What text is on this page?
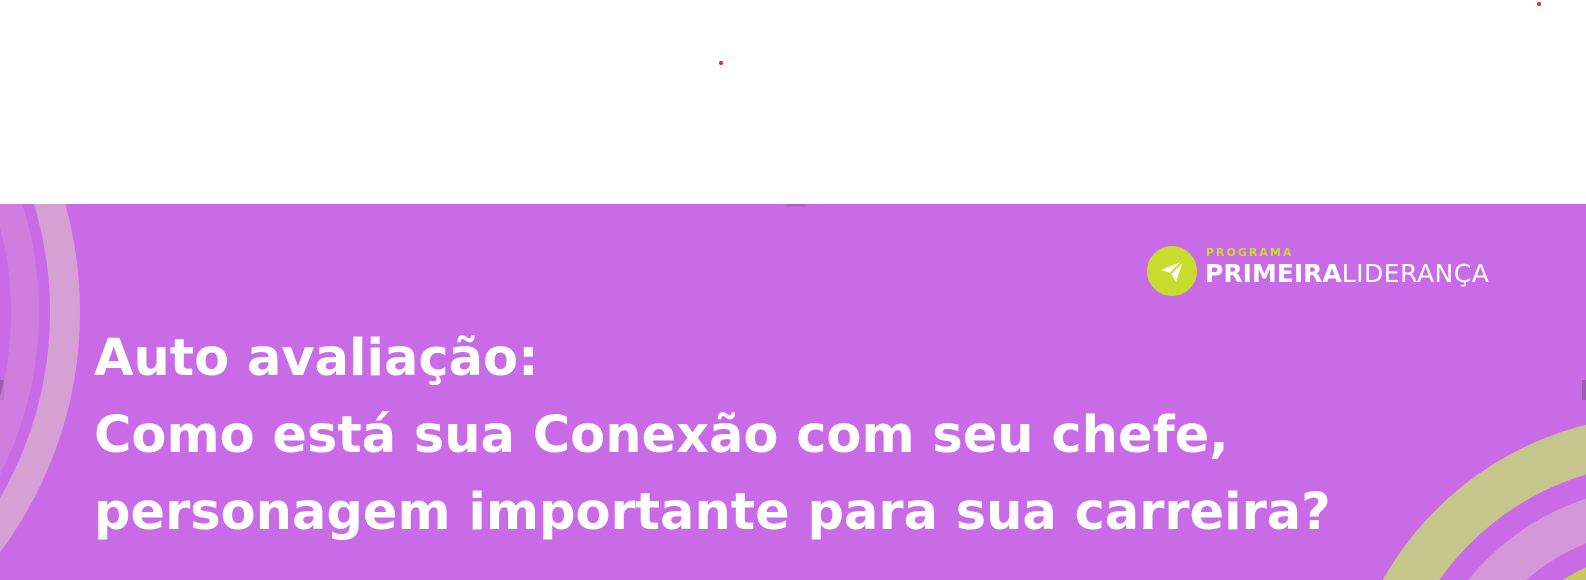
PROGRAMA
PRIMEIRALIDERANÇA
Auto avaliação:
Como está sua Conexão com seu chefe,
personagem importante para sua carreira?
